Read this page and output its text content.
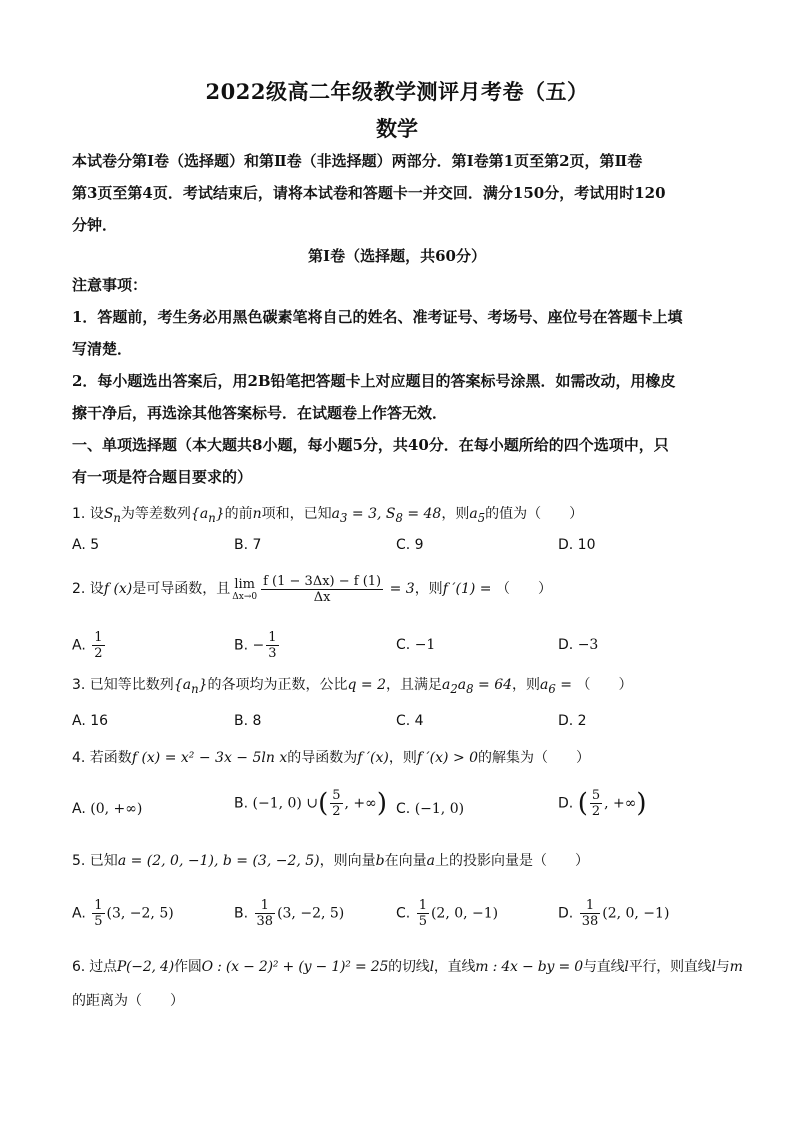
2022级高二年级教学测评月考卷（五）
数学
本试卷分第Ⅰ卷（选择题）和第Ⅱ卷（非选择题）两部分．第Ⅰ卷第1页至第2页，第Ⅱ卷
第3页至第4页．考试结束后，请将本试卷和答题卡一并交回．满分150分，考试用时120
分钟．
第Ⅰ卷（选择题，共60分）
注意事项：
1．答题前，考生务必用黑色碳素笔将自己的姓名、准考证号、考场号、座位号在答题卡上填
写清楚．
2．每小题选出答案后，用2B铅笔把答题卡上对应题目的答案标号涂黑．如需改动，用橡皮
擦干净后，再选涂其他答案标号．在试题卷上作答无效．
一、单项选择题（本大题共8小题，每小题5分，共40分．在每小题所给的四个选项中，只
有一项是符合题目要求的）
1. 设$S_n$为等差数列$\{a_n\}$的前n项和，已知$a_3 = 3$, $S_8 = 48$，则$a_5$的值为（　　）
A. 5	B. 7	C. 9	D. 10
2. 设f (x)是可导函数，且 lim
$\Delta x\to 0 \frac{f (1 - 3\Delta x) - f (1)}{\Delta x} = 3$，则f ′(1) = （　　）
A. $\frac{1}{2}$	B. − $\frac{1}{3}$	C. −1	D. −3
3. 已知等比数列$\{a_n\}$的各项均为正数，公比q = 2，且满足$a_2a_8 = 64$，则$a_6$ = （　　）
A. 16	B. 8	C. 4	D. 2
4. 若函数f (x) = x² − 3x − 5ln x的导函数为f ′(x)，则f ′(x) > 0的解集为（　　）
A. (0, +∞)	B. (−1, 0) ∪( $\frac{5}{2}$ , +∞) C. (−1, 0)	D. ( $\frac{5}{2}$ , +∞)
5. 已知a = (2, 0, −1), b = (3, −2, 5)，则向量b在向量a上的投影向量是（　　）
A. $\frac{1}{5} (3$, −2, 5)	B. $\frac{1}{38} (3$, −2, 5)	C. $\frac{1}{5} (2$, 0, −1)	D. $\frac{1}{38} (2$, 0, −1)
6. 过点P(−2, 4)作圆O : (x − 2)² + (y − 1)² = 25的切线l，直线m : 4x − by = 0与直线l平行，则直线l与m
的距离为（　　）
